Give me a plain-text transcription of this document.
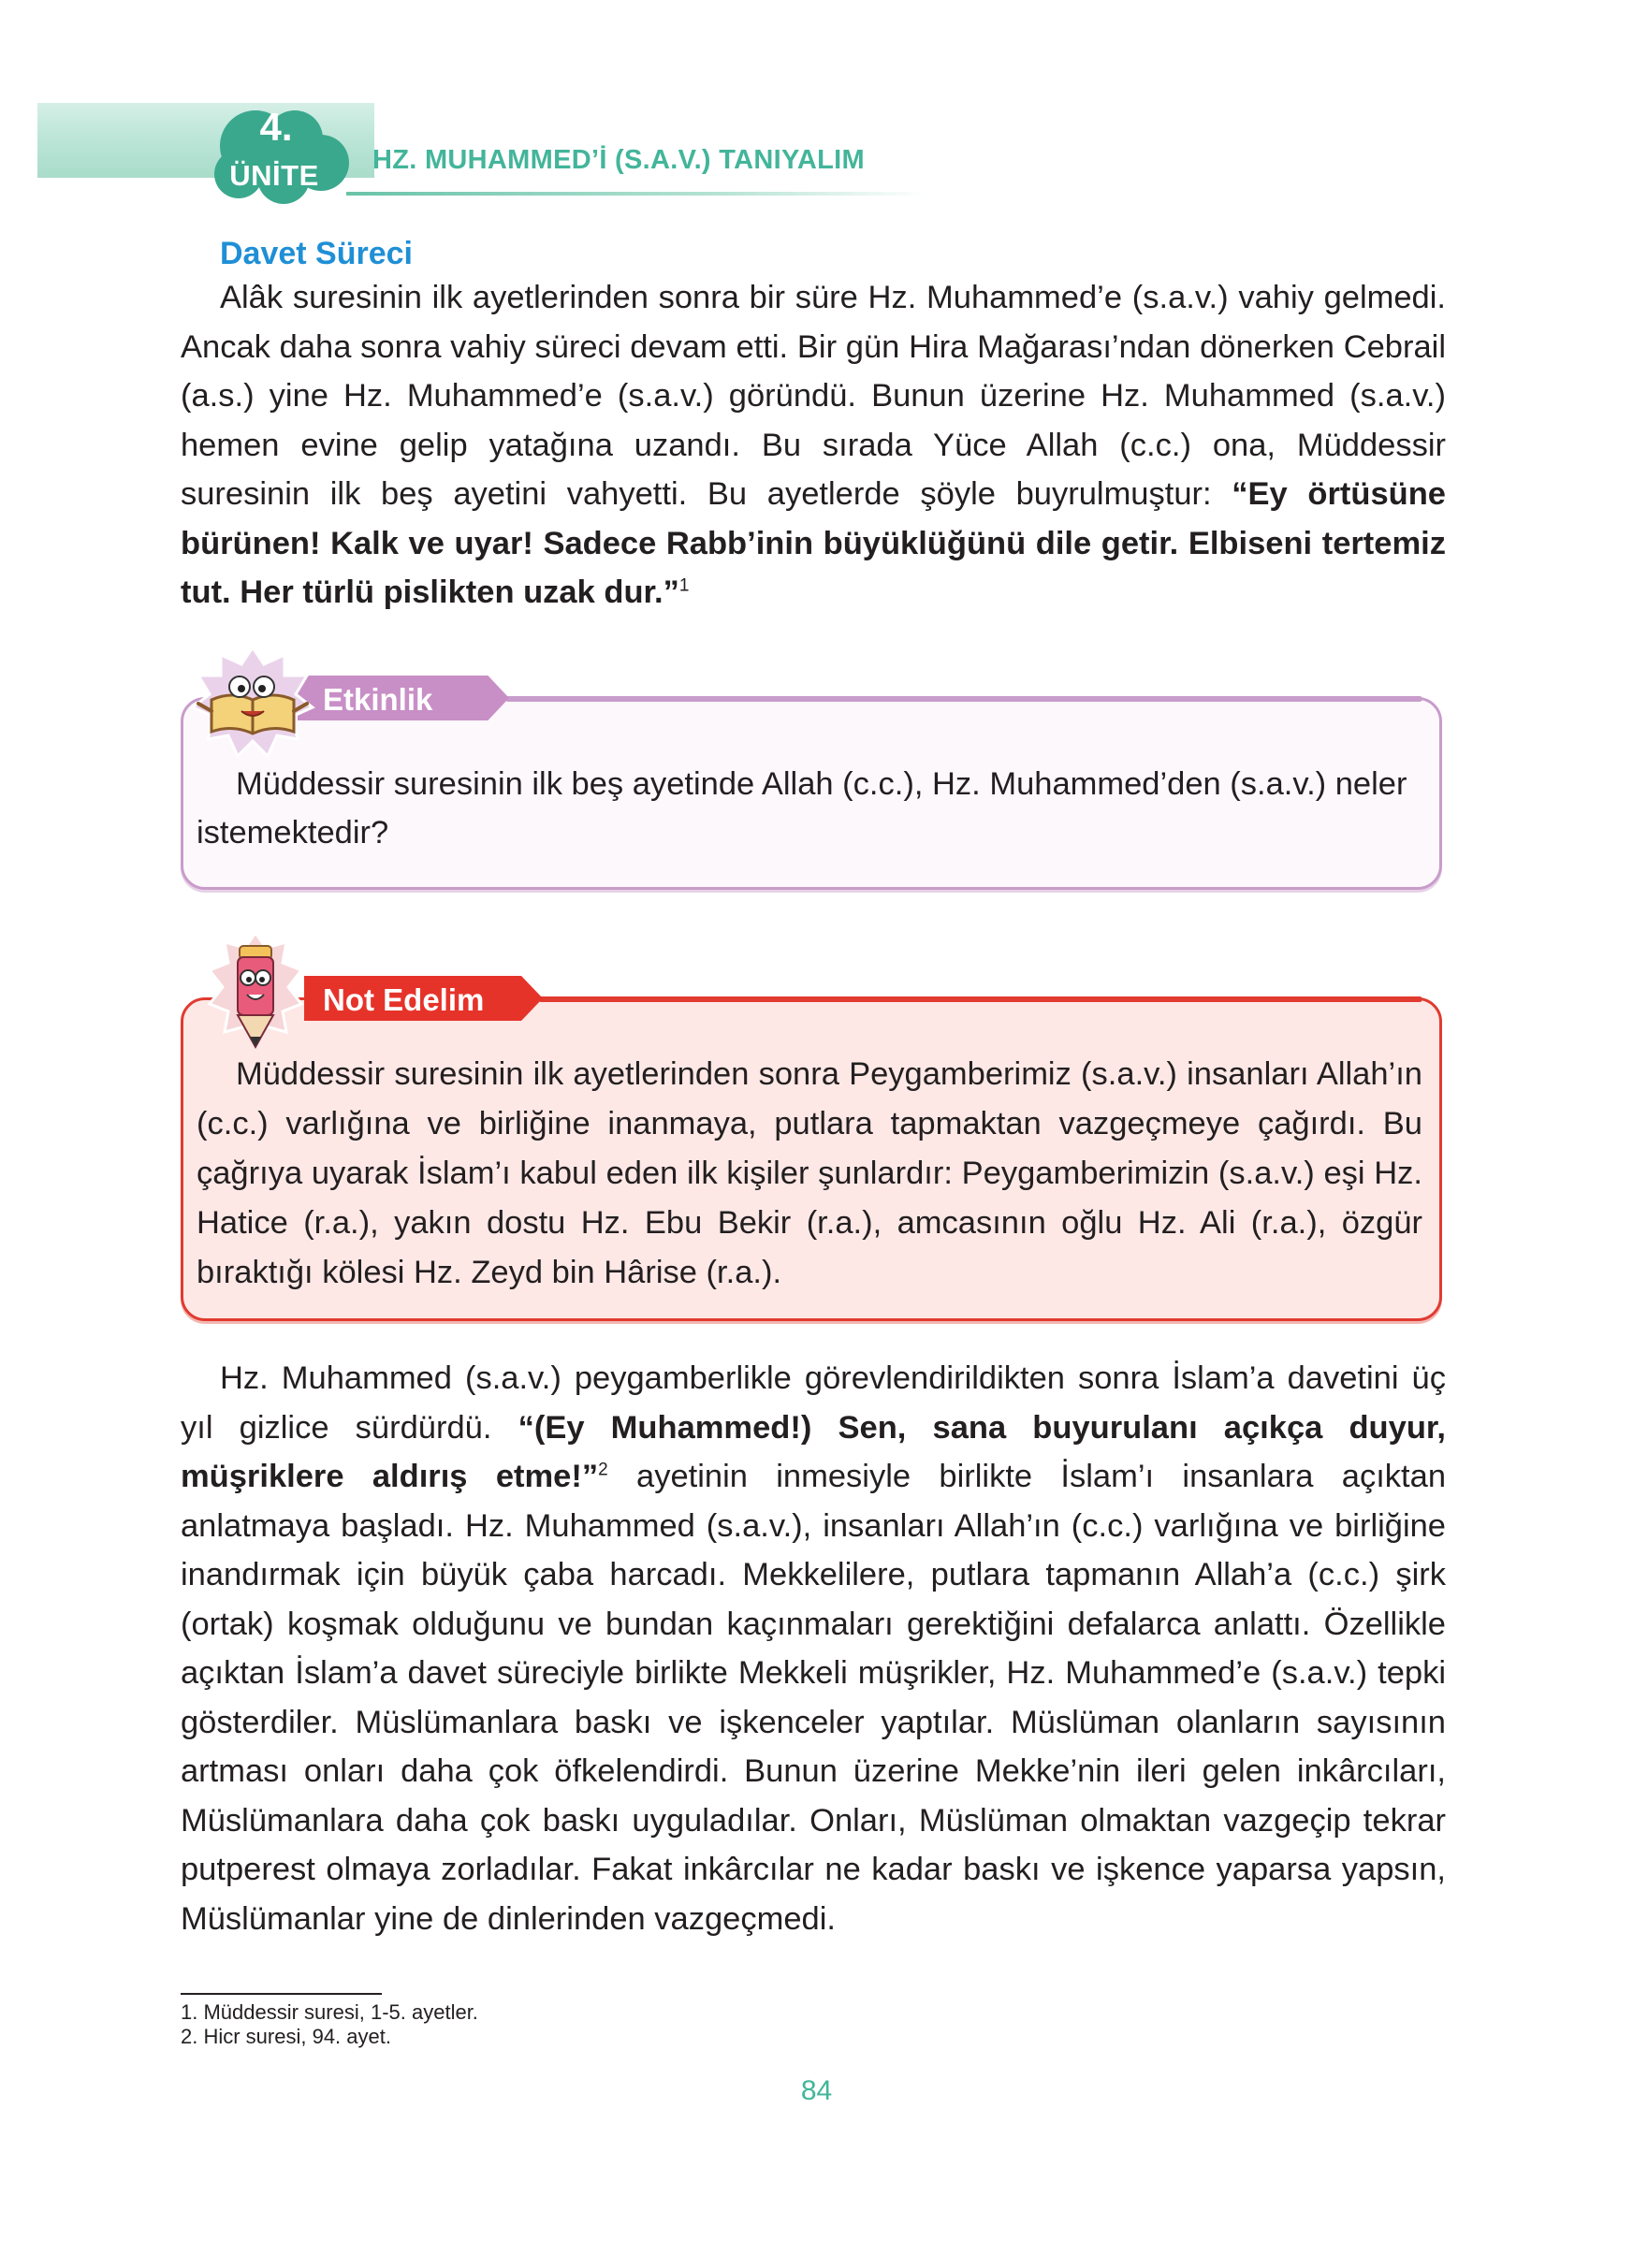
4.
ÜNİTE HZ. MUHAMMED’İ (S.A.V.) TANIYALIM
Davet Süreci
Alâk suresinin ilk ayetlerinden sonra bir süre Hz. Muhammed’e (s.a.v.) vahiy gelmedi. Ancak daha sonra vahiy süreci devam etti. Bir gün Hira Mağarası’ndan dönerken Cebrail (a.s.) yine Hz. Muhammed’e (s.a.v.) göründü. Bunun üzerine Hz. Muhammed (s.a.v.) hemen evine gelip yatağına uzandı. Bu sırada Yüce Allah (c.c.) ona, Müddessir suresinin ilk beş ayetini vahyetti. Bu ayetlerde şöyle buyrulmuştur: “Ey örtüsüne bürünen! Kalk ve uyar! Sadece Rabb’inin büyüklüğünü dile getir. Elbiseni tertemiz tut. Her türlü pislikten uzak dur.”$^1$
Etkinlik
Müddessir suresinin ilk beş ayetinde Allah (c.c.), Hz. Muhammed’den (s.a.v.) neler istemektedir?
Not Edelim
Müddessir suresinin ilk ayetlerinden sonra Peygamberimiz (s.a.v.) insanları Allah’ın (c.c.) varlığına ve birliğine inanmaya, putlara tapmaktan vazgeçmeye çağırdı. Bu çağrıya uyarak İslam’ı kabul eden ilk kişiler şunlardır: Peygamberimizin (s.a.v.) eşi Hz. Hatice (r.a.), yakın dostu Hz. Ebu Bekir (r.a.), amcasının oğlu Hz. Ali (r.a.), özgür bıraktığı kölesi Hz. Zeyd bin Hârise (r.a.).
Hz. Muhammed (s.a.v.) peygamberlikle görevlendirildikten sonra İslam’a davetini üç yıl gizlice sürdürdü. “(Ey Muhammed!) Sen, sana buyurulanı açıkça duyur, müşriklere aldırış etme!”$^2$ ayetinin inmesiyle birlikte İslam’ı insanlara açıktan anlatmaya başladı. Hz. Muhammed (s.a.v.), insanları Allah’ın (c.c.) varlığına ve birliğine inandırmak için büyük çaba harcadı. Mekkelilere, putlara tapmanın Allah’a (c.c.) şirk (ortak) koşmak olduğunu ve bundan kaçınmaları gerektiğini defalarca anlattı. Özellikle açıktan İslam’a davet süreciyle birlikte Mekkeli müşrikler, Hz. Muhammed’e (s.a.v.) tepki gösterdiler. Müslümanlara baskı ve işkenceler yaptılar. Müslüman olanların sayısının artması onları daha çok öfkelendirdi. Bunun üzerine Mekke’nin ileri gelen inkârcıları, Müslümanlara daha çok baskı uyguladılar. Onları, Müslüman olmaktan vazgeçip tekrar putperest olmaya zorladılar. Fakat inkârcılar ne kadar baskı ve işkence yaparsa yapsın, Müslümanlar yine de dinlerinden vazgeçmedi.
1. Müddessir suresi, 1-5. ayetler.
2. Hicr suresi, 94. ayet.
84
